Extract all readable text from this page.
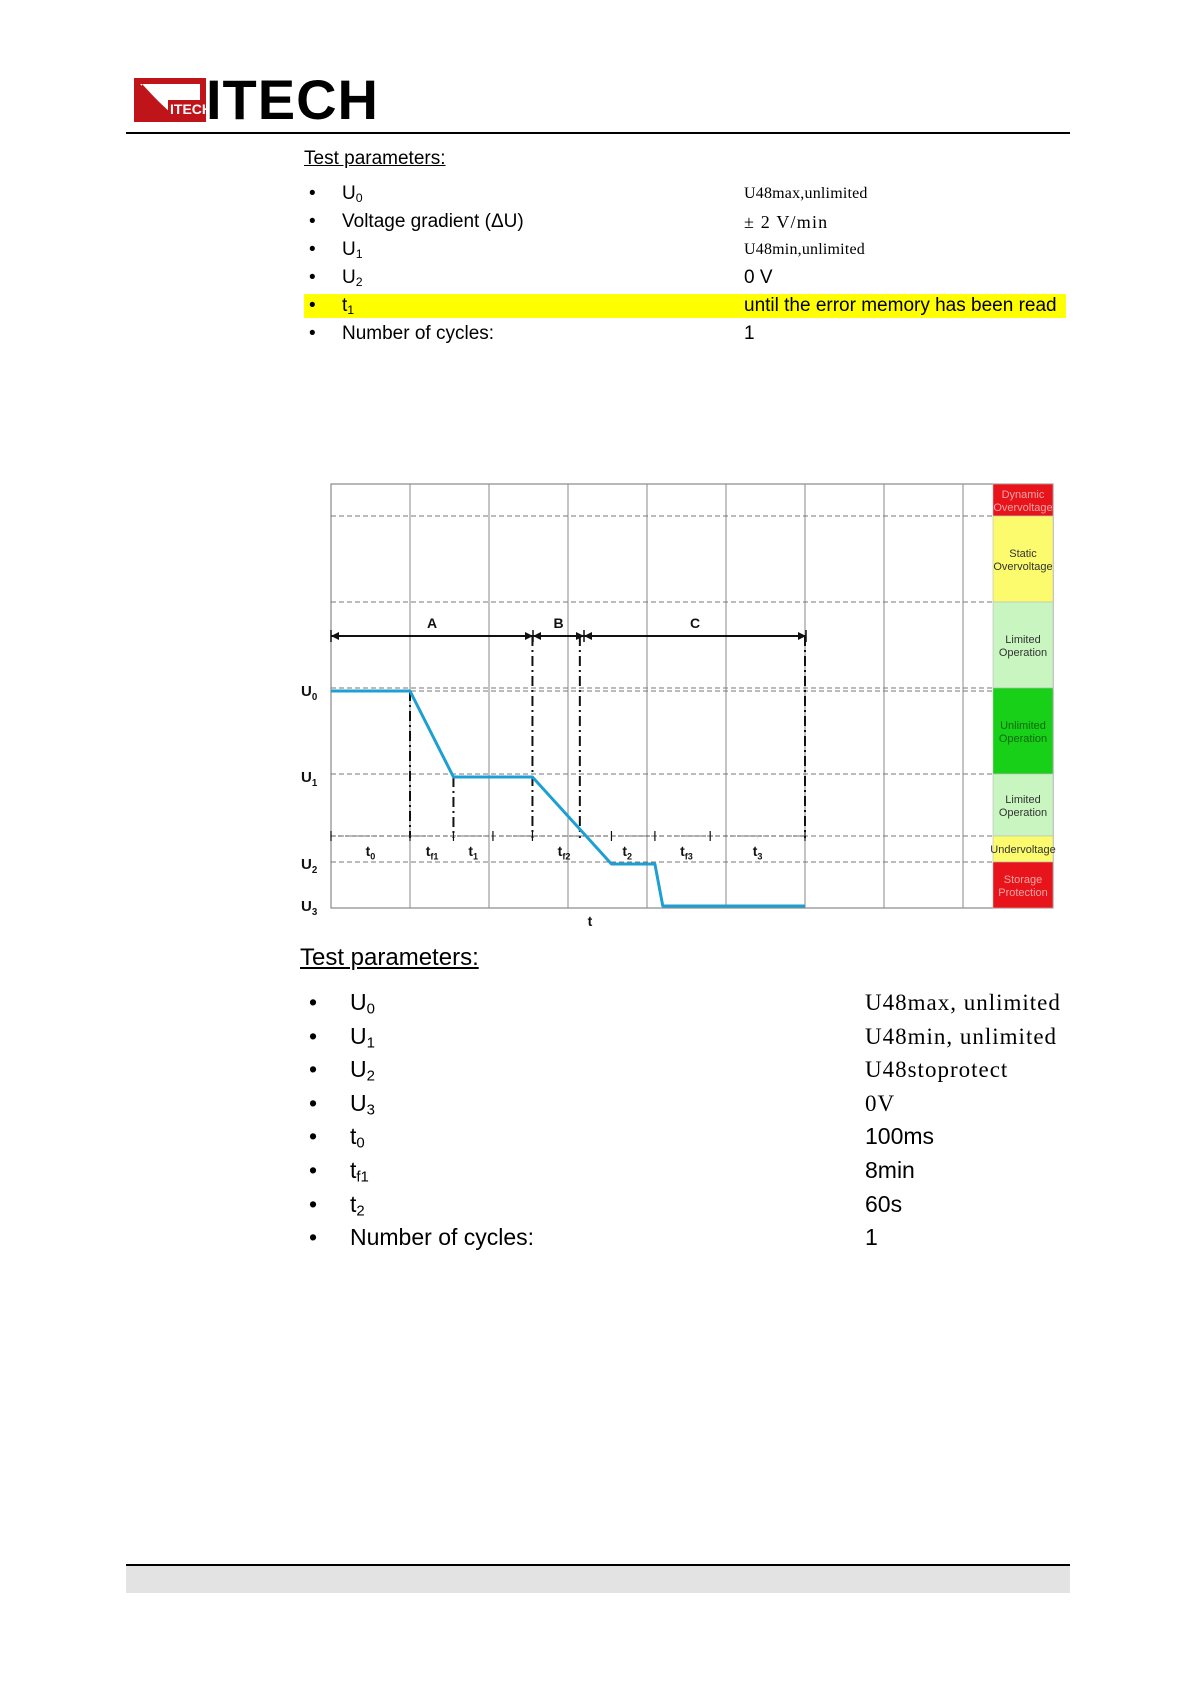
ITECH
ITECH
Test parameters:
• $U_0$	U48max,unlimited
• Voltage gradient (ΔU)	± 2 V/min
• $U_1$	U48min,unlimited
• $U_2$	0 V
• $t_1$	until the error memory has been read
• Number of cycles:	1
Dynamic
Overvoltage
Static
Overvoltage
Limited
Operation
Unlimited
Operation
Limited
Operation
Undervoltage
Storage
Protection
$U_0$
$U_1$
$U_2$
$U_3$
A	B	C
$t_0$	$t_{f1}$ $t_1$	$t_{f2}$	$t_2$	$t_{f3}$	$t_3$
t
Test parameters:
• $U_0$	U48max, unlimited
• $U_1$	U48min, unlimited
• $U_2$	U48stoprotect
• $U_3$	0V
• $t_0$	100ms
• $t_{f1}$	8min
• $t_2$	60s
• Number of cycles:	1
